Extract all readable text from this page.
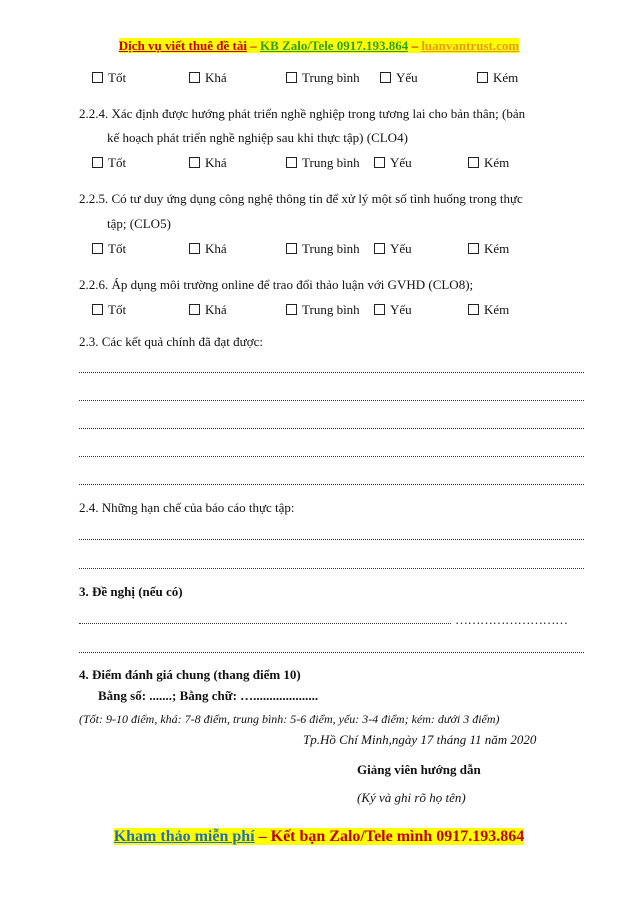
Dịch vụ viết thuê đề tài – KB Zalo/Tele 0917.193.864 – luanvantrust.com
Tốt	Khá	Trung bình	Yếu	Kém
2.2.4. Xác định được hướng phát triển nghề nghiệp trong tương lai cho bản thân; (bản
kế hoạch phát triển nghề nghiệp sau khi thực tập) (CLO4)
Tốt	Khá	Trung bình	Yếu	Kém
2.2.5. Có tư duy ứng dụng công nghệ thông tin để xử lý một số tình huống trong thực
tập; (CLO5)
Tốt	Khá	Trung bình	Yếu	Kém
2.2.6. Áp dụng môi trường online để trao đổi thảo luận với GVHD (CLO8);
Tốt	Khá	Trung bình	Yếu	Kém
2.3. Các kết quả chính đã đạt được:
2.4. Những hạn chế của báo cáo thực tập:
3. Đề nghị (nếu có)
………………………
4. Điểm đánh giá chung (thang điểm 10)
Bằng số: .......; Bằng chữ: …....................
(Tốt: 9-10 điểm, khá: 7-8 điểm, trung bình: 5-6 điểm, yếu: 3-4 điểm; kém: dưới 3 điểm)
Tp.Hồ Chí Minh,ngày 17 tháng 11 năm 2020
Giảng viên hướng dẫn
(Ký và ghi rõ họ tên)
Kham thảo miễn phí – Kết bạn Zalo/Tele mình 0917.193.864
